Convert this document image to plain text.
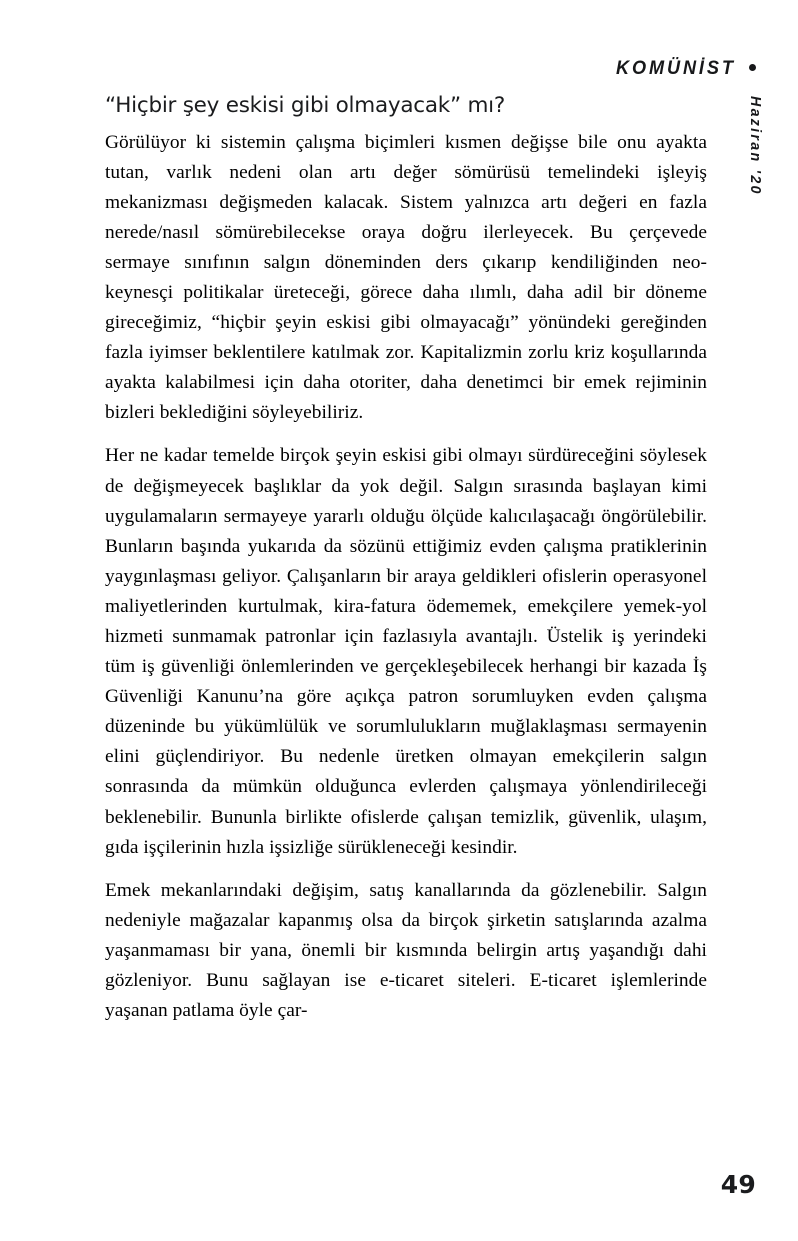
KOMÜNİST
Haziran '20
“Hiçbir şey eskisi gibi olmayacak” mı?

Görülüyor ki sistemin çalışma biçimleri kısmen değişse bile onu ayakta tutan, varlık nedeni olan artı değer sömürüsü temelindeki işleyiş mekanizması değişmeden kalacak. Sistem yalnızca artı değeri en fazla nerede/nasıl sömürebilecekse oraya doğru ilerleyecek. Bu çerçevede sermaye sınıfının salgın döneminden ders çıkarıp kendiliğinden neo-keynesçi politikalar üreteceği, görece daha ılımlı, daha adil bir döneme gireceğimiz, “hiçbir şeyin eskisi gibi olmayacağı” yönündeki gereğinden fazla iyimser beklentilere katılmak zor. Kapitalizmin zorlu kriz koşullarında ayakta kalabilmesi için daha otoriter, daha denetimci bir emek rejiminin bizleri beklediğini söyleyebiliriz.

Her ne kadar temelde birçok şeyin eskisi gibi olmayı sürdüreceğini söylesek de değişmeyecek başlıklar da yok değil. Salgın sırasında başlayan kimi uygulamaların sermayeye yararlı olduğu ölçüde kalıcılaşacağı öngörülebilir. Bunların başında yukarıda da sözünü ettiğimiz evden çalışma pratiklerinin yaygınlaşması geliyor. Çalışanların bir araya geldikleri ofislerin operasyonel maliyetlerinden kurtulmak, kira-fatura ödememek, emekçilere yemek-yol hizmeti sunmamak patronlar için fazlasıyla avantajlı. Üstelik iş yerindeki tüm iş güvenliği önlemlerinden ve gerçekleşebilecek herhangi bir kazada İş Güvenliği Kanunu’na göre açıkça patron sorumluyken evden çalışma düzeninde bu yükümlülük ve sorumlulukların muğlaklaşması sermayenin elini güçlendiriyor. Bu nedenle üretken olmayan emekçilerin salgın sonrasında da mümkün olduğunca evlerden çalışmaya yönlendirileceği beklenebilir. Bununla birlikte ofislerde çalışan temizlik, güvenlik, ulaşım, gıda işçilerinin hızla işsizliğe sürükleneceği kesindir.

Emek mekanlarındaki değişim, satış kanallarında da gözlenebilir. Salgın nedeniyle mağazalar kapanmış olsa da birçok şirketin satışlarında azalma yaşanmaması bir yana, önemli bir kısmında belirgin artış yaşandığı dahi gözleniyor. Bunu sağlayan ise e-ticaret siteleri. E-ticaret işlemlerinde yaşanan patlama öyle çar-

49
